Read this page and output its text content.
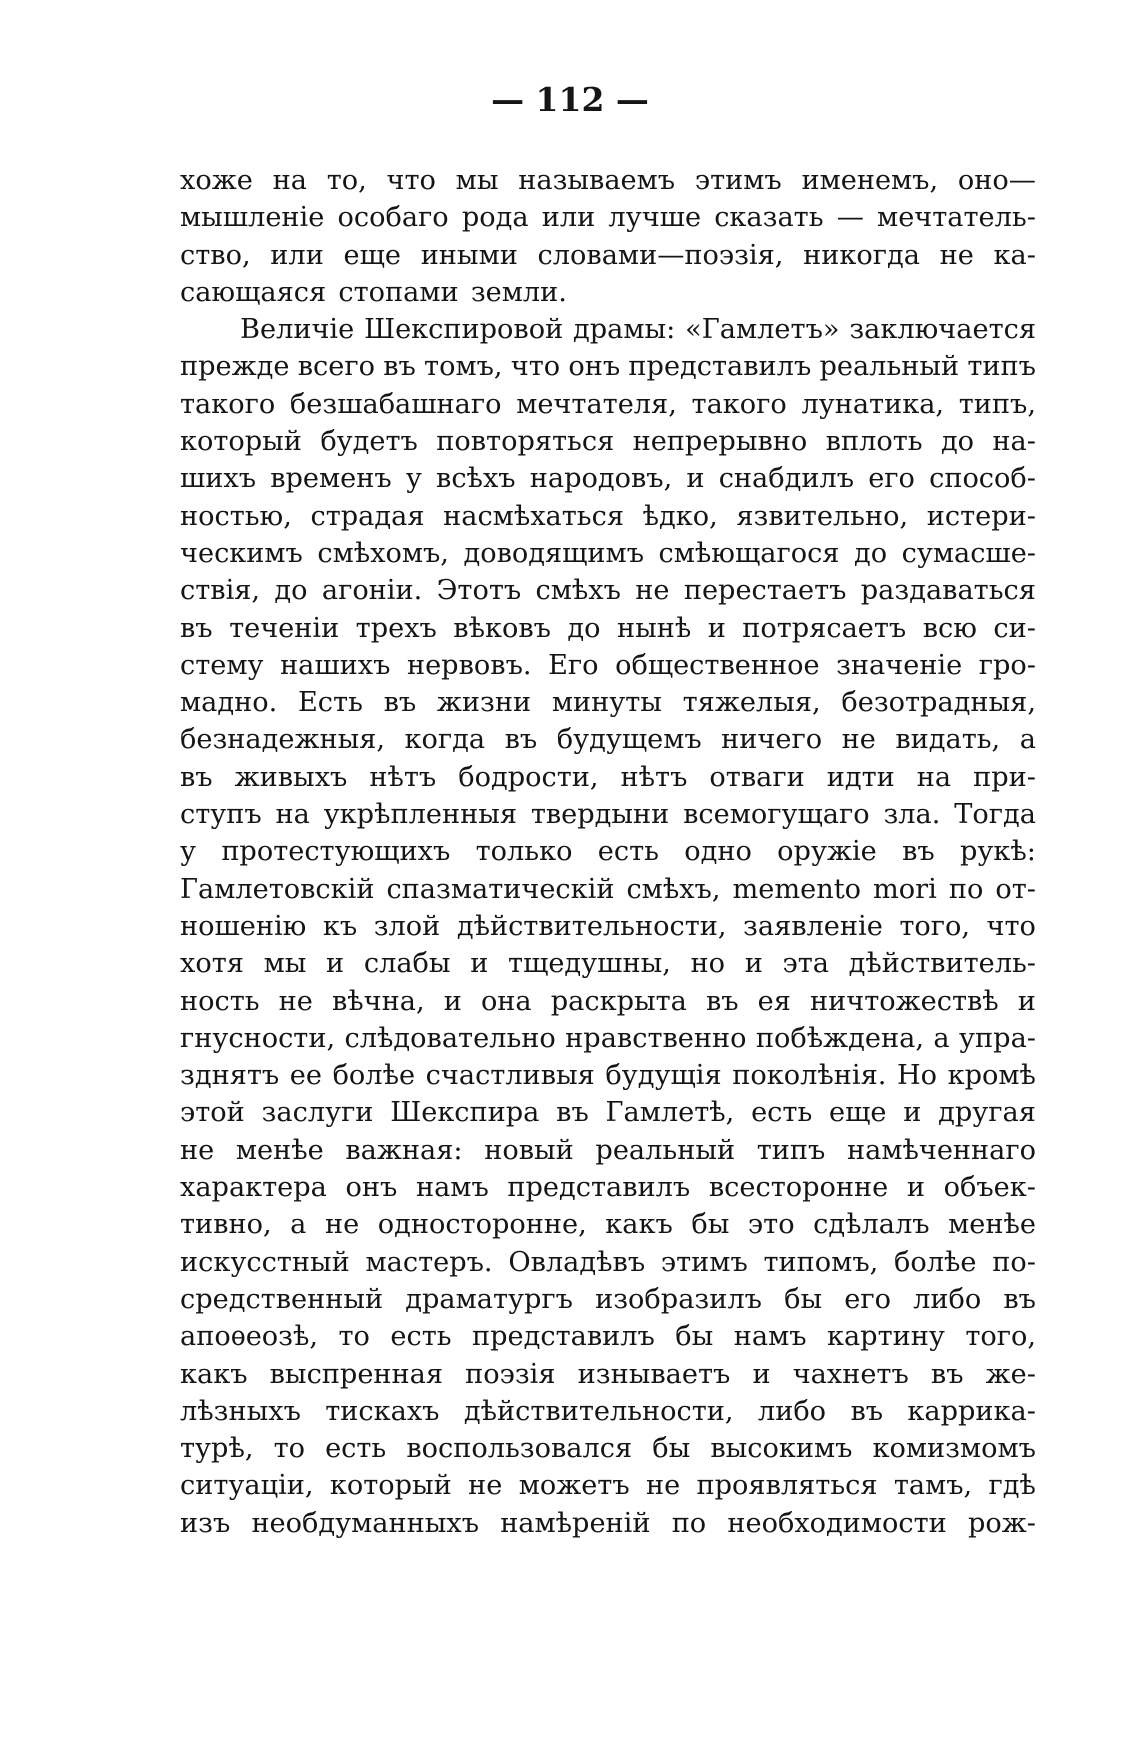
— 112 —
хоже на то, что мы называемъ этимъ именемъ, оно—
мышленіе особаго рода или лучше сказать — мечтатель-
ство, или еще иными словами—поэзія, никогда не ка-
сающаяся стопами земли.
Величіе Шекспировой драмы: «Гамлетъ» заключается
прежде всего въ томъ, что онъ представилъ реальный типъ
такого безшабашнаго мечтателя, такого лунатика, типъ,
который будетъ повторяться непрерывно вплоть до на-
шихъ временъ у всѣхъ народовъ, и снабдилъ его способ-
ностью, страдая насмѣхаться ѣдко, язвительно, истери-
ческимъ смѣхомъ, доводящимъ смѣющагося до сумасше-
ствія, до агоніи. Этотъ смѣхъ не перестаетъ раздаваться
въ теченіи трехъ вѣковъ до нынѣ и потрясаетъ всю си-
стему нашихъ нервовъ. Его общественное значеніе гро-
мадно. Есть въ жизни минуты тяжелыя, безотрадныя,
безнадежныя, когда въ будущемъ ничего не видать, а
въ живыхъ нѣтъ бодрости, нѣтъ отваги идти на при-
ступъ на укрѣпленныя твердыни всемогущаго зла. Тогда
у протестующихъ только есть одно оружіе въ рукѣ:
Гамлетовскій спазматическій смѣхъ, memento mori по от-
ношенію къ злой дѣйствительности, заявленіе того, что
хотя мы и слабы и тщедушны, но и эта дѣйствитель-
ность не вѣчна, и она раскрыта въ ея ничтожествѣ и
гнусности, слѣдовательно нравственно побѣждена, а упра-
зднятъ ее болѣе счастливыя будущія поколѣнія. Но кромѣ
этой заслуги Шекспира въ Гамлетѣ, есть еще и другая
не менѣе важная: новый реальный типъ намѣченнаго
характера онъ намъ представилъ всесторонне и объек-
тивно, а не односторонне, какъ бы это сдѣлалъ менѣе
искусстный мастеръ. Овладѣвъ этимъ типомъ, болѣе по-
средственный драматургъ изобразилъ бы его либо въ
апоѳеозѣ, то есть представилъ бы намъ картину того,
какъ выспренная поэзія изнываетъ и чахнетъ въ же-
лѣзныхъ тискахъ дѣйствительности, либо въ каррика-
турѣ, то есть воспользовался бы высокимъ комизмомъ
ситуаціи, который не можетъ не проявляться тамъ, гдѣ
изъ необдуманныхъ намѣреній по необходимости рож-
